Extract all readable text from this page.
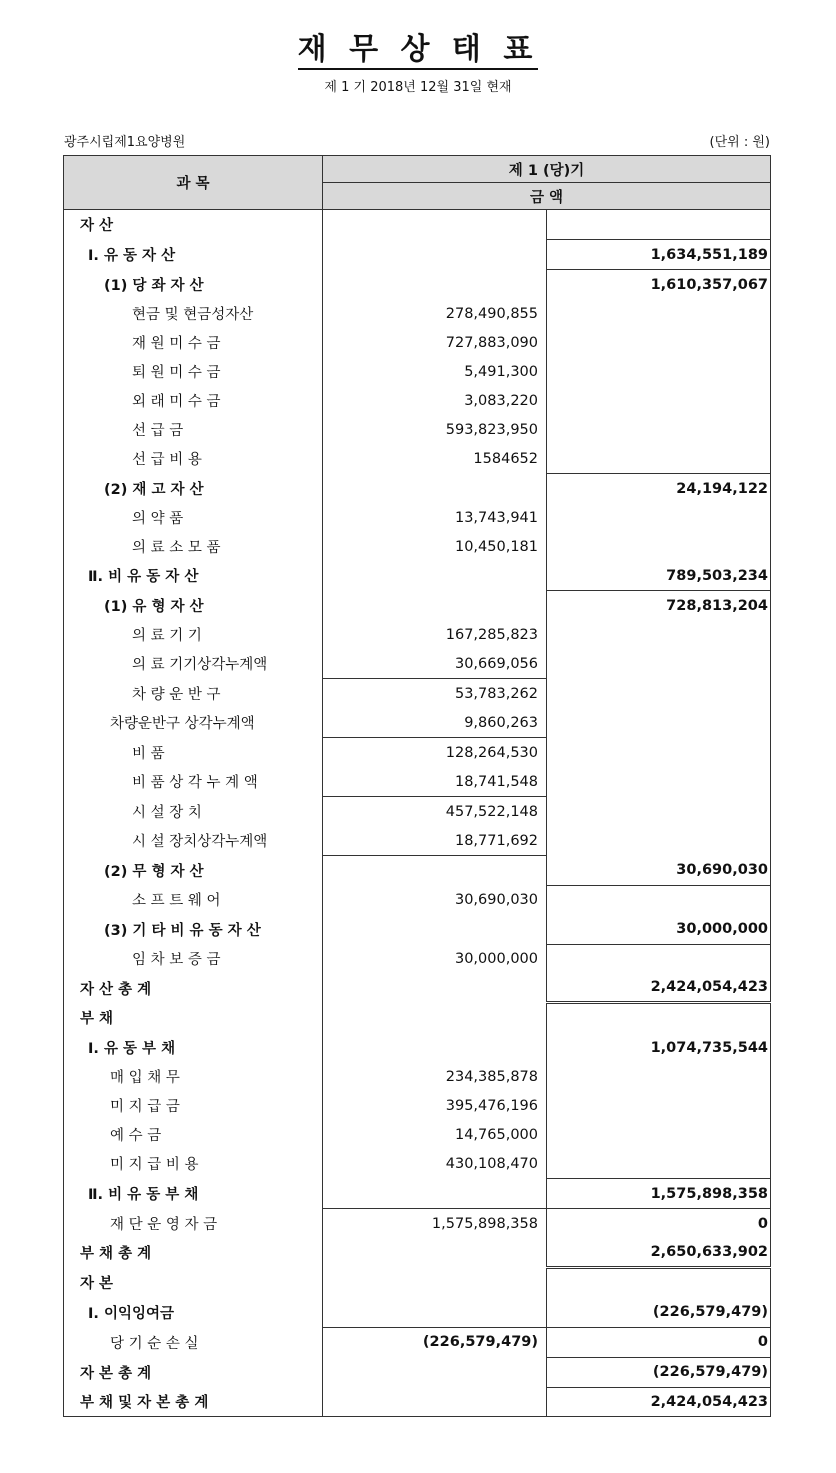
재 무 상 태 표
제 1 기 2018년 12월 31일 현재
광주시립제1요양병원	(단위 : 원)
과 목	제 1 (당)기	
	금 액	
자 산		
Ⅰ. 유 동 자 산		1,634,551,189
(1) 당 좌 자 산		1,610,357,067
현금 및 현금성자산	278,490,855	
재 원 미 수 금	727,883,090	
퇴 원 미 수 금	5,491,300	
외 래 미 수 금	3,083,220	
선 급 금	593,823,950	
선 급 비 용	1584652	
(2) 재 고 자 산		24,194,122
의 약 품	13,743,941	
의 료 소 모 품	10,450,181	
Ⅱ. 비 유 동 자 산		789,503,234
(1) 유 형 자 산		728,813,204
의 료 기 기	167,285,823	
의 료 기기상각누계액	30,669,056	
차 량 운 반 구	53,783,262	
차량운반구 상각누계액	9,860,263	
비 품	128,264,530	
비 품 상 각 누 계 액	18,741,548	
시 설 장 치	457,522,148	
시 설 장치상각누계액	18,771,692	
(2) 무 형 자 산		30,690,030
소 프 트 웨 어	30,690,030	
(3) 기 타 비 유 동 자 산		30,000,000
임 차 보 증 금	30,000,000	
자 산 총 계		2,424,054,423
부 채		
Ⅰ. 유 동 부 채		1,074,735,544
매 입 채 무	234,385,878	
미 지 급 금	395,476,196	
예 수 금	14,765,000	
미 지 급 비 용	430,108,470	
Ⅱ. 비 유 동 부 채		1,575,898,358
재 단 운 영 자 금	1,575,898,358	0
부 채 총 계		2,650,633,902
자 본		
Ⅰ. 이익잉여금		(226,579,479)
당 기 순 손 실	(226,579,479)	0
자 본 총 계		(226,579,479)
부 채 및 자 본 총 계		2,424,054,423
